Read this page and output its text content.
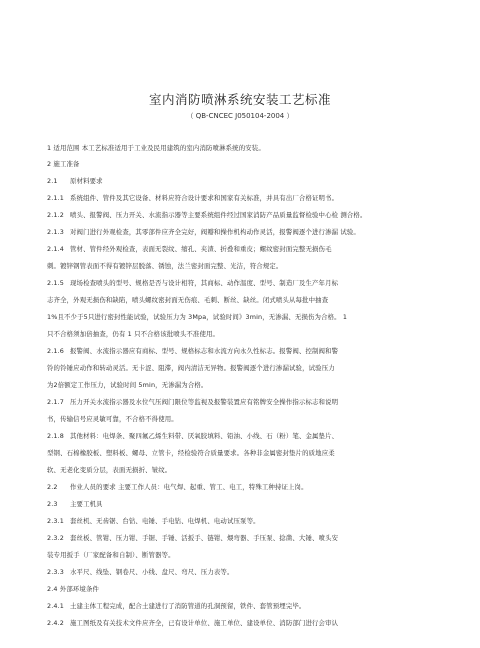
室内消防喷淋系统安装工艺标准
（ QB-CNCEC J050104-2004 ）
1 适用范围 本工艺标准适用于工业及民用建筑的室内消防喷淋系统的安装。
2 施工准备
2.1 原材料要求
2.1.1 系统组件、管件及其它设备、材料应符合设计要求和国家有关标准，并具有出厂合格证明书。
2.1.2 喷头、报警阀、压力开关、水流指示器等主要系统组件经过国家消防产品质量监督检验中心检 测合格。
2.1.3 对阀门进行外观检查，其零部件应齐全完好，阀瓣和操作机构动作灵活，报警阀逐个进行渗漏 试验。
2.1.4 管材、管件经外观检查，表面无裂纹、缩孔、夹渣、折叠和重皮；螺纹密封面完整无损伤毛
刺。镀锌钢管表面不得有镀锌层脱落、锈蚀，法兰密封面完整、光洁，符合规定。
2.1.5 现场检查喷头的型号、规格是否与设计相符，其商标、动作温度、型号、制造厂及生产年月标
志齐全，外观无损伤和缺陷，喷头螺纹密封面无伤痕、毛刺、断丝、缺丝。闭式喷头从每批中抽查
1%且不少于5只进行密封性能试验，试验压力为 3Mpa，试验时间》3min，无渗漏、无损伤为合格。 1
只不合格须加倍抽查，仍有 1 只不合格该批喷头不准使用。
2.1.6 报警阀、水流指示器应有商标、型号、规格标志和水流方向永久性标志。报警阀、控制阀和警
铃的铃锤应动作和转动灵活。无卡涩、阻滞，阀内清洁无异物。报警阀逐个进行渗漏试验，试验压力
为2倍额定工作压力，试验时间 5min，无渗漏为合格。
2.1.7 压力开关水流指示器及水位气压阀门限位等监视及报警装置应有铭牌安全操作指示标志和说明
书，传输信号应灵敏可靠，不合格不得使用。
2.1.8 其他材料：电焊条、聚四氟乙烯生料带、厌氧胶填料、铅油、小线、石（粉）笔、金属垫片、
型钢、石棉橡胶板、塑料板、螺母、立管卡，经检验符合质量要求。各种非金属密封垫片的质地应柔
软、无老化变质分层，表面无损折、皱纹。
2.2 作业人员的要求 主要工作人员：电气焊、起重、管工、电工，特殊工种持证上岗。
2.3 主要工机具
2.3.1 套丝机、无齿锯、台钻、电锤、手电钻、电焊机、电动试压泵等。
2.3.2 套丝板、管钳、压力钳、手锯、手锤、活扳手、链钳、煨弯器、手压泵、捻凿、大锤、喷头安
装专用扳手（厂家配备和自制）、断管器等。
2.3.3 水平尺、线坠、钢卷尺、小线、盘尺、弯尺、压力表等。
2.4 外部环境条件
2.4.1 土建主体工程完成，配合土建进行了消防管道的孔洞预留，铁件、套管预埋完毕。
2.4.2 施工图纸及有关技术文件应齐全，已有设计单位、施工单位、建设单位、消防部门进行会审认
